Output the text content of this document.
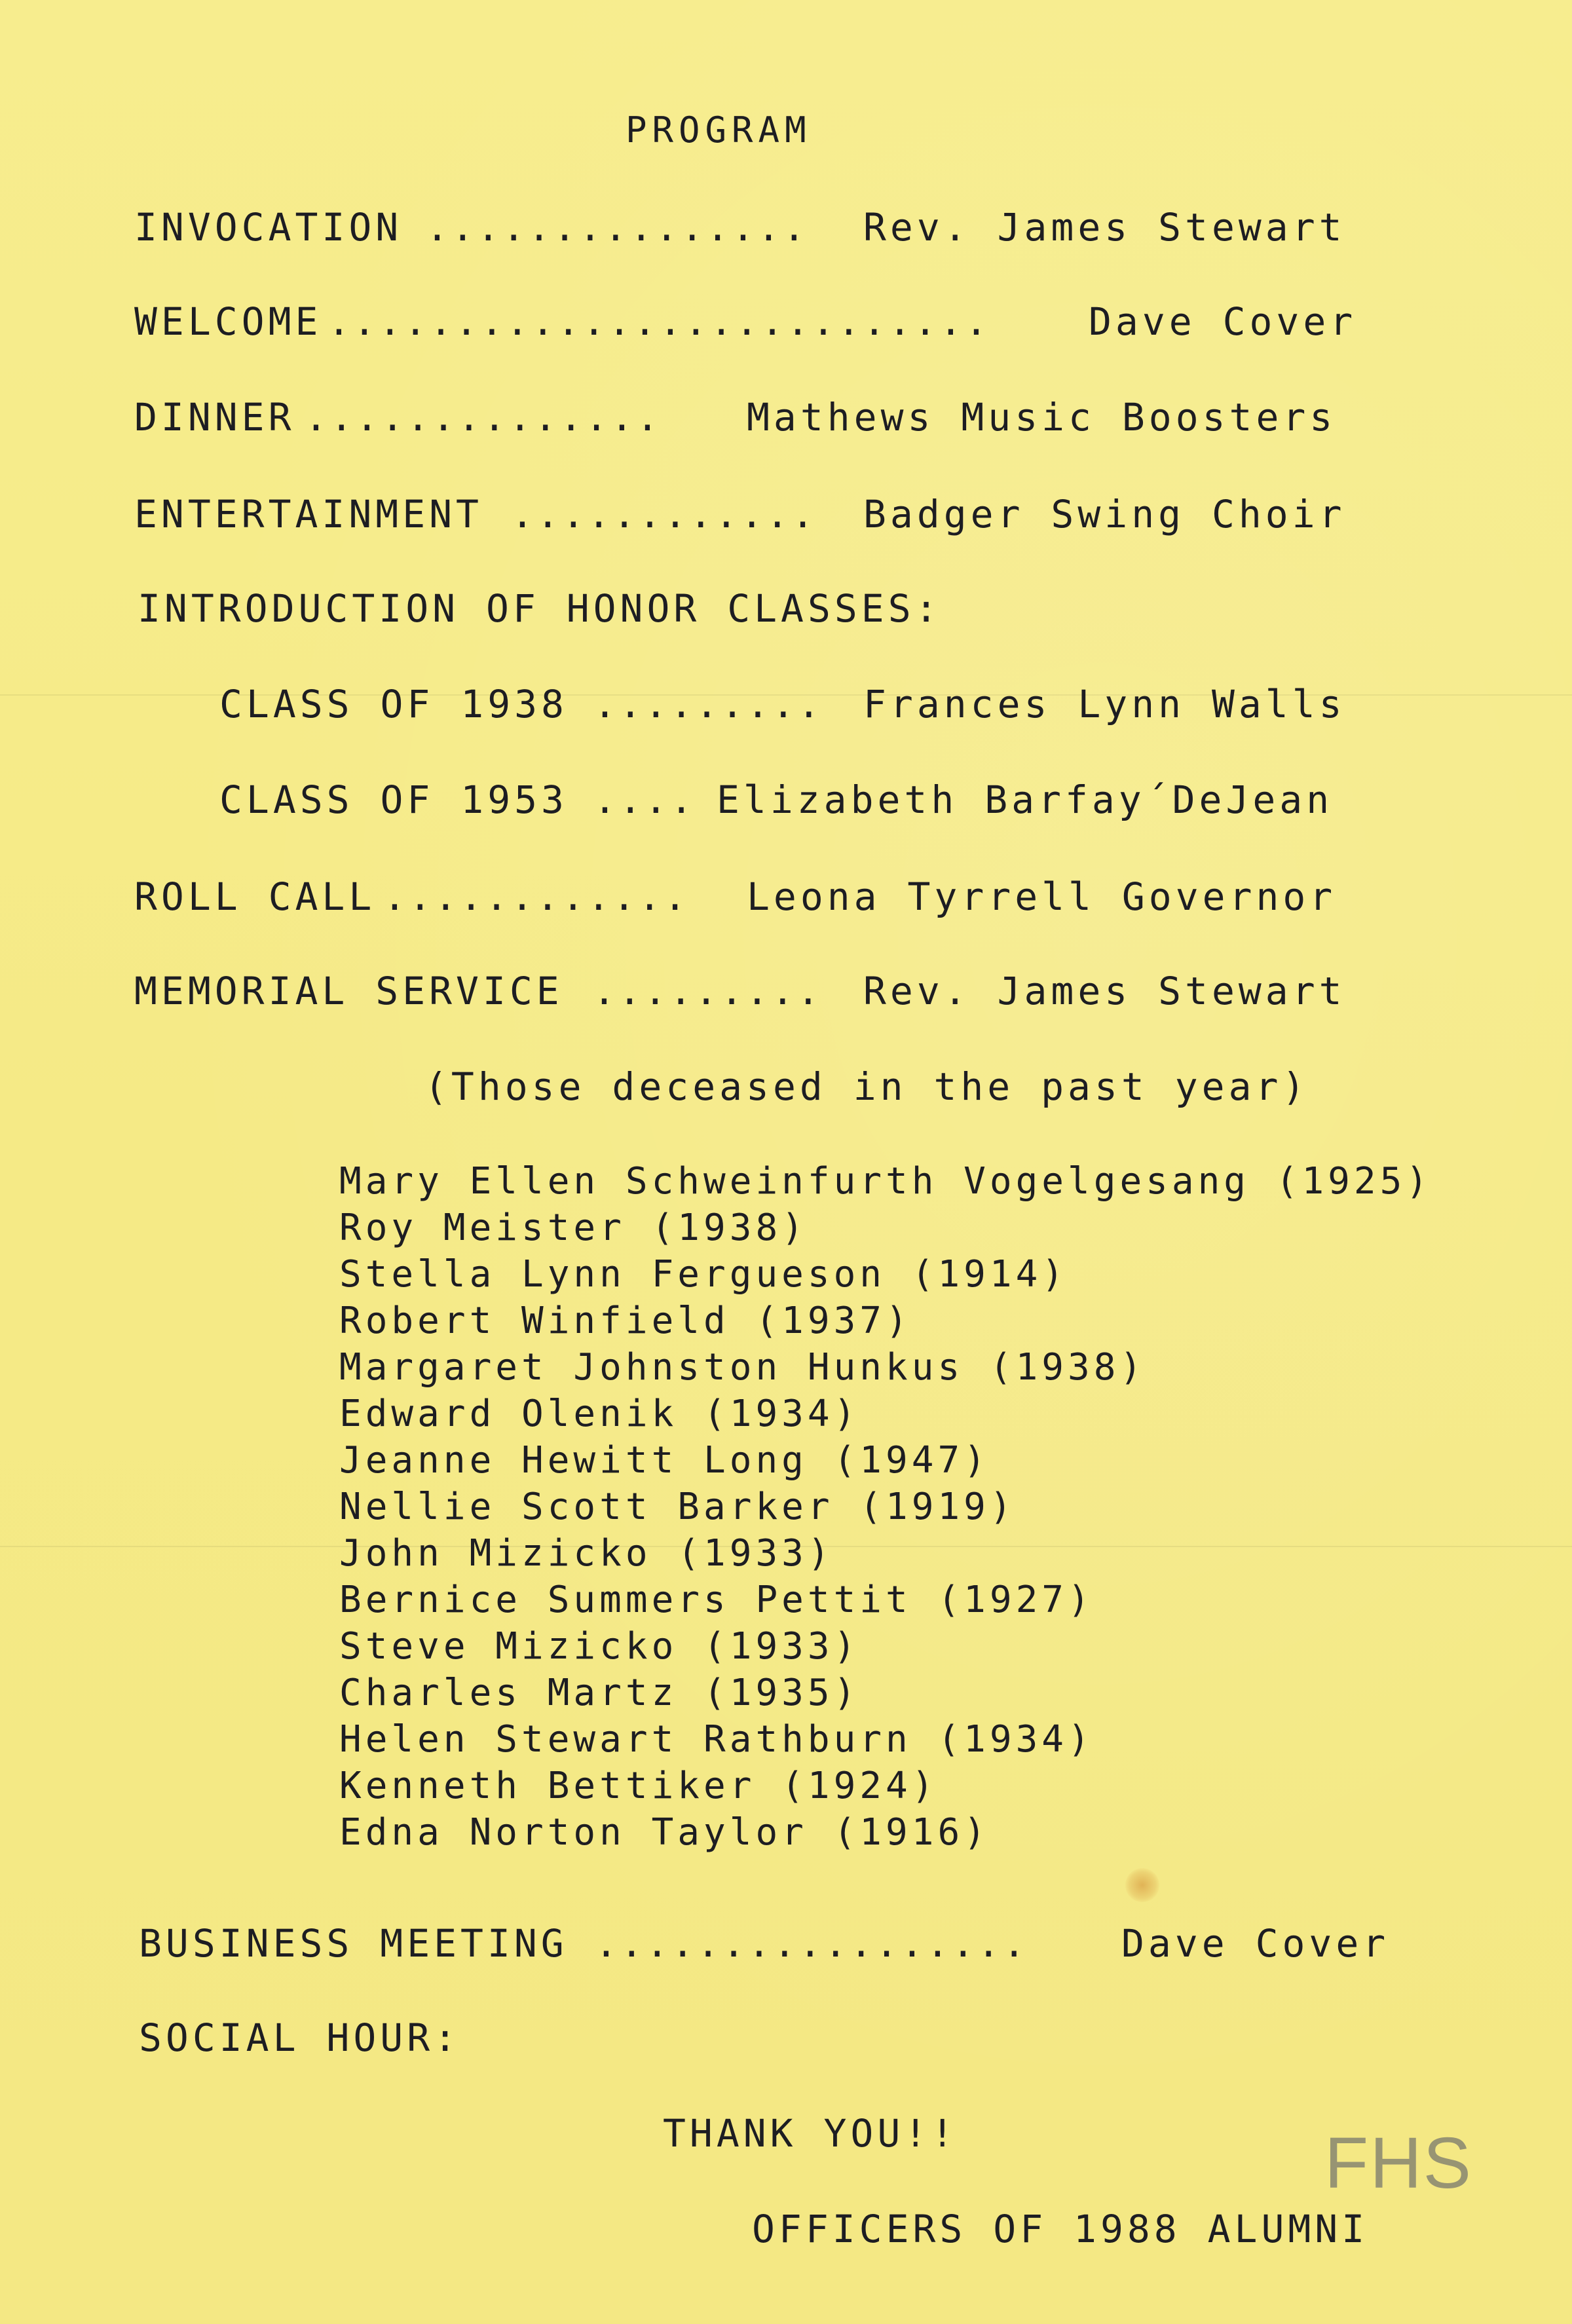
PROGRAM
INVOCATION ............... Rev. James Stewart
WELCOME ..........................	Dave Cover
DINNER .............. Mathews Music Boosters
ENTERTAINMENT ............ Badger Swing Choir
INTRODUCTION OF HONOR CLASSES:
CLASS OF 1938 ......... Frances Lynn Walls
CLASS OF 1953 .... Elizabeth Barfay´DeJean
ROLL CALL ............ Leona Tyrrell Governor
MEMORIAL SERVICE ......... Rev. James Stewart
(Those deceased in the past year)
Mary Ellen Schweinfurth Vogelgesang (1925)
Roy Meister (1938)
Stella Lynn Fergueson (1914)
Robert Winfield (1937)
Margaret Johnston Hunkus (1938)
Edward Olenik (1934)
Jeanne Hewitt Long (1947)
Nellie Scott Barker (1919)
John Mizicko (1933)
Bernice Summers Pettit (1927)
Steve Mizicko (1933)
Charles Martz (1935)
Helen Stewart Rathburn (1934)
Kenneth Bettiker (1924)
Edna Norton Taylor (1916)
BUSINESS MEETING ................. Dave Cover
SOCIAL HOUR:
THANK YOU!!	FHS
OFFICERS OF 1988 ALUMNI
